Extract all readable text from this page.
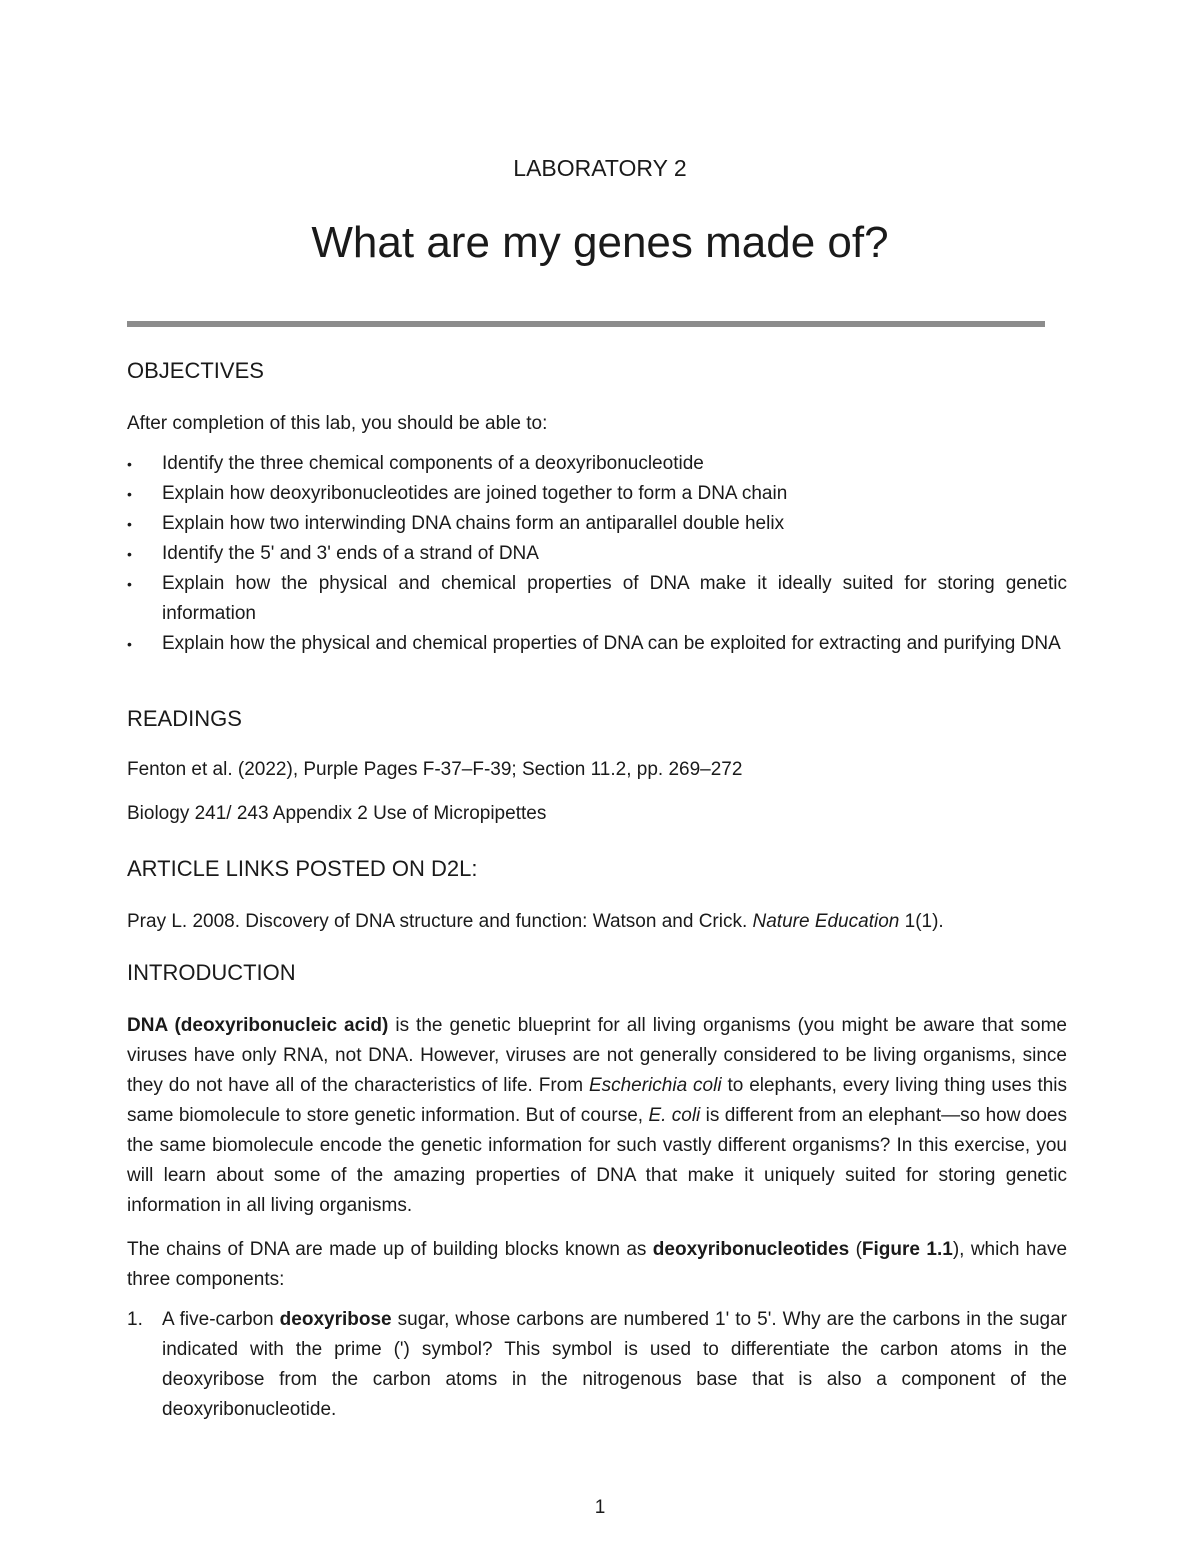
LABORATORY 2
What are my genes made of?
OBJECTIVES

After completion of this lab, you should be able to:

• Identify the three chemical components of a deoxyribonucleotide
• Explain how deoxyribonucleotides are joined together to form a DNA chain
• Explain how two interwinding DNA chains form an antiparallel double helix
• Identify the 5' and 3' ends of a strand of DNA
• Explain how the physical and chemical properties of DNA make it ideally suited for storing genetic information
• Explain how the physical and chemical properties of DNA can be exploited for extracting and purifying DNA
READINGS

Fenton et al. (2022), Purple Pages F-37–F-39; Section 11.2, pp. 269–272

Biology 241/ 243 Appendix 2 Use of Micropipettes

ARTICLE LINKS POSTED ON D2L:

Pray L. 2008. Discovery of DNA structure and function: Watson and Crick. Nature Education 1(1).

INTRODUCTION

DNA (deoxyribonucleic acid) is the genetic blueprint for all living organisms (you might be aware that some viruses have only RNA, not DNA. However, viruses are not generally considered to be living organisms, since they do not have all of the characteristics of life. From Escherichia coli to elephants, every living thing uses this same biomolecule to store genetic information. But of course, E. coli is different from an elephant—so how does the same biomolecule encode the genetic information for such vastly different organisms? In this exercise, you will learn about some of the amazing properties of DNA that make it uniquely suited for storing genetic information in all living organisms.

The chains of DNA are made up of building blocks known as deoxyribonucleotides (Figure 1.1), which have three components:

1. A five-carbon deoxyribose sugar, whose carbons are numbered 1' to 5'. Why are the carbons in the sugar indicated with the prime (') symbol? This symbol is used to differentiate the carbon atoms in the deoxyribose from the carbon atoms in the nitrogenous base that is also a component of the deoxyribonucleotide.
1
